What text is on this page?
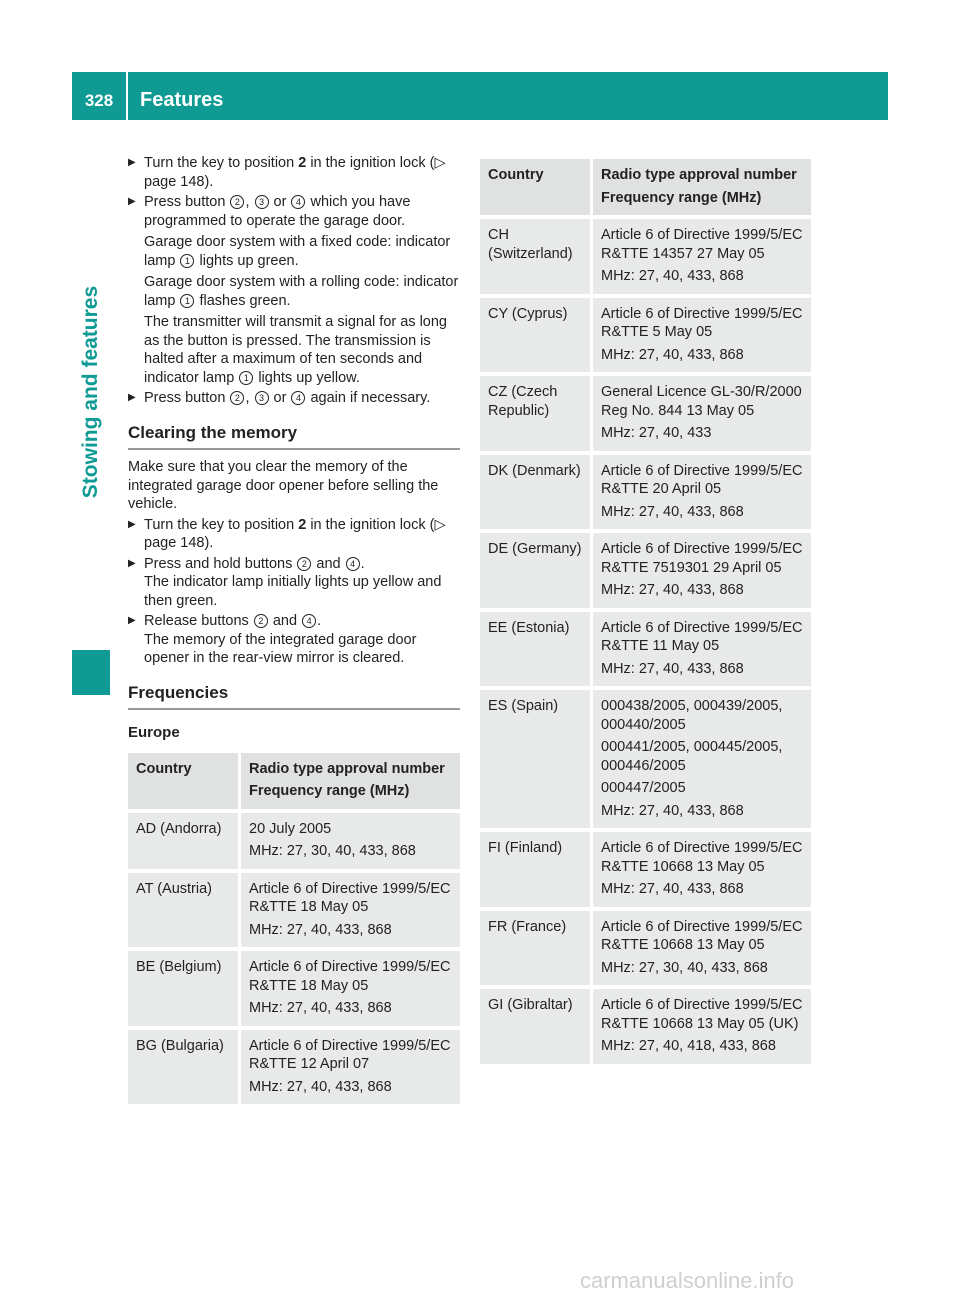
328	Features
Stowing and features
▶ Turn the key to position 2 in the ignition lock (▷ page 148).
▶ Press button 2 , 3 or 4 which you have programmed to operate the garage door.
Garage door system with a fixed code: indicator lamp 1 lights up green.
Garage door system with a rolling code: indicator lamp 1 flashes green.
The transmitter will transmit a signal for as long as the button is pressed. The transmission is halted after a maximum of ten seconds and indicator lamp 1 lights up yellow.
▶ Press button 2 , 3 or 4 again if necessary.
Clearing the memory
Make sure that you clear the memory of the integrated garage door opener before selling the vehicle.
▶ Turn the key to position 2 in the ignition lock (▷ page 148).
▶ Press and hold buttons 2 and 4 .
The indicator lamp initially lights up yellow and then green.
▶ Release buttons 2 and 4 .
The memory of the integrated garage door opener in the rear-view mirror is cleared.
Frequencies
Europe
Country	Radio type approval number
Frequency range (MHz)

AD (Andorra)	20 July 2005
MHz: 27, 30, 40, 433, 868

AT (Austria)	Article 6 of Directive 1999/5/EC R&TTE 18 May 05
MHz: 27, 40, 433, 868

BE (Belgium)	Article 6 of Directive 1999/5/EC R&TTE 18 May 05
MHz: 27, 40, 433, 868

BG (Bulgaria)	Article 6 of Directive 1999/5/EC R&TTE 12 April 07
MHz: 27, 40, 433, 868
Country	Radio type approval number
Frequency range (MHz)

CH (Switzerland)	Article 6 of Directive 1999/5/EC R&TTE 14357 27 May 05
MHz: 27, 40, 433, 868

CY (Cyprus)	Article 6 of Directive 1999/5/EC R&TTE 5 May 05
MHz: 27, 40, 433, 868

CZ (Czech Republic)	General Licence GL-30/R/2000 Reg No. 844 13 May 05
MHz: 27, 40, 433

DK (Denmark)	Article 6 of Directive 1999/5/EC R&TTE 20 April 05
MHz: 27, 40, 433, 868

DE (Germany)	Article 6 of Directive 1999/5/EC R&TTE 7519301 29 April 05
MHz: 27, 40, 433, 868

EE (Estonia)	Article 6 of Directive 1999/5/EC R&TTE 11 May 05
MHz: 27, 40, 433, 868

ES (Spain)	000438/2005, 000439/2005, 000440/2005
000441/2005, 000445/2005, 000446/2005
000447/2005
MHz: 27, 40, 433, 868

FI (Finland)	Article 6 of Directive 1999/5/EC R&TTE 10668 13 May 05
MHz: 27, 40, 433, 868

FR (France)	Article 6 of Directive 1999/5/EC R&TTE 10668 13 May 05
MHz: 27, 30, 40, 433, 868

GI (Gibraltar)	Article 6 of Directive 1999/5/EC R&TTE 10668 13 May 05 (UK)
MHz: 27, 40, 418, 433, 868
carmanualsonline.info
